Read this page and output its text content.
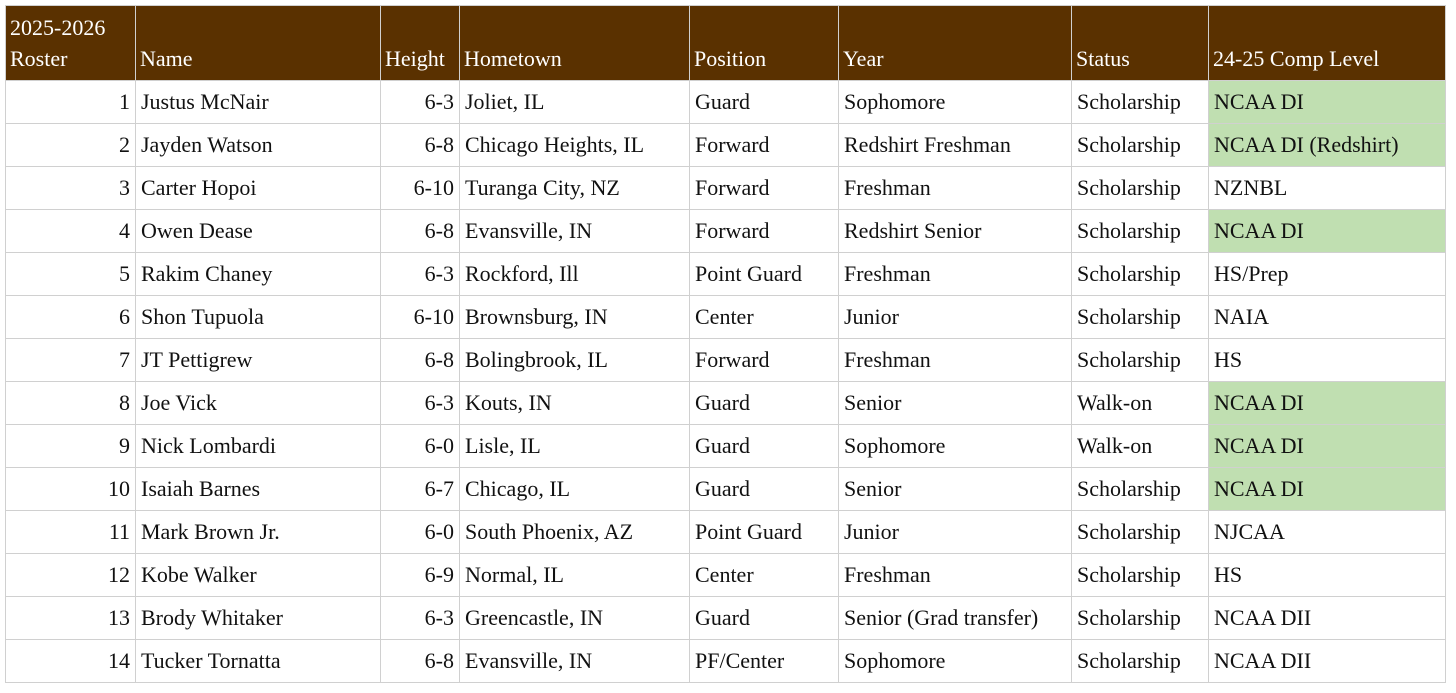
2025-2026
Roster	Name	Height	Hometown	Position	Year	Status	24-25 Comp Level
1	Justus McNair	6-3	Joliet, IL	Guard	Sophomore	Scholarship	NCAA DI
2	Jayden Watson	6-8	Chicago Heights, IL	Forward	Redshirt Freshman	Scholarship	NCAA DI (Redshirt)
3	Carter Hopoi	6-10	Turanga City, NZ	Forward	Freshman	Scholarship	NZNBL
4	Owen Dease	6-8	Evansville, IN	Forward	Redshirt Senior	Scholarship	NCAA DI
5	Rakim Chaney	6-3	Rockford, Ill	Point Guard	Freshman	Scholarship	HS/Prep
6	Shon Tupuola	6-10	Brownsburg, IN	Center	Junior	Scholarship	NAIA
7	JT Pettigrew	6-8	Bolingbrook, IL	Forward	Freshman	Scholarship	HS
8	Joe Vick	6-3	Kouts, IN	Guard	Senior	Walk-on	NCAA DI
9	Nick Lombardi	6-0	Lisle, IL	Guard	Sophomore	Walk-on	NCAA DI
10	Isaiah Barnes	6-7	Chicago, IL	Guard	Senior	Scholarship	NCAA DI
11	Mark Brown Jr.	6-0	South Phoenix, AZ	Point Guard	Junior	Scholarship	NJCAA
12	Kobe Walker	6-9	Normal, IL	Center	Freshman	Scholarship	HS
13	Brody Whitaker	6-3	Greencastle, IN	Guard	Senior (Grad transfer)	Scholarship	NCAA DII
14	Tucker Tornatta	6-8	Evansville, IN	PF/Center	Sophomore	Scholarship	NCAA DII
